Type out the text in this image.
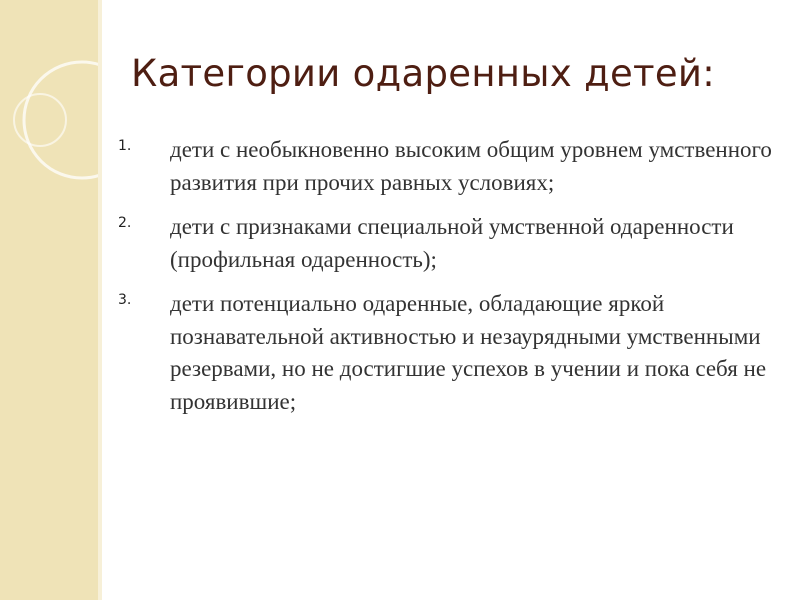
Категории одаренных детей:
1. дети с необыкновенно высоким общим уровнем умственного развития при прочих равных условиях;
2. дети с признаками специальной умственной одаренности (профильная одаренность);
3. дети потенциально одаренные, обладающие яркой познавательной активностью и незаурядными умственными резервами, но не достигшие успехов в учении и пока себя не проявившие;
